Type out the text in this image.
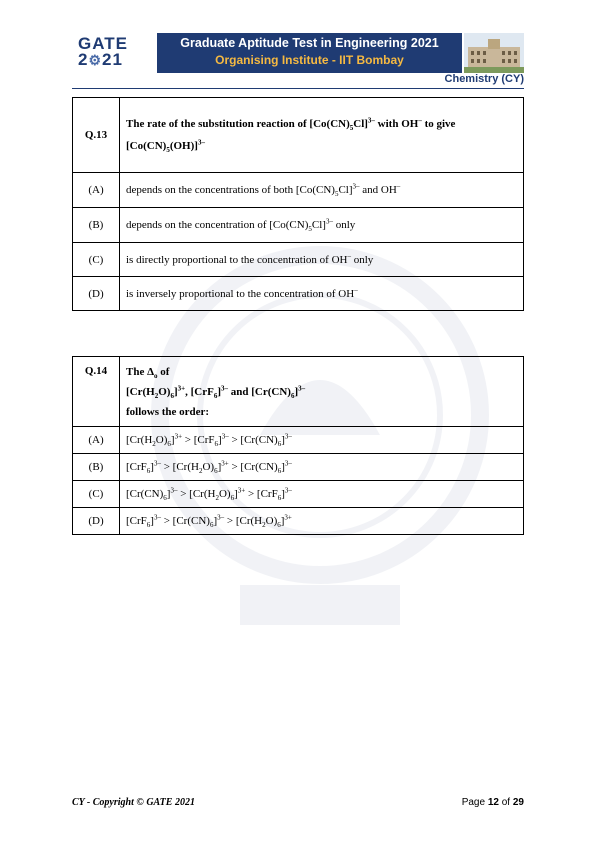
GATE
2⚙21
Graduate Aptitude Test in Engineering 2021
Organising Institute - IIT Bombay
Chemistry (CY)
Q.13	The rate of the substitution reaction of $[Co(CN)_5Cl]^{3-}$ with OH– to give
$[Co(CN)_5(OH)]^{3-}$
(A)	depends on the concentrations of both $[Co(CN)_5Cl]^{3-}$ and OH–
(B)	depends on the concentration of $[Co(CN)_5Cl]^{3-}$ only
(C)	is directly proportional to the concentration of OH– only
(D)	is inversely proportional to the concentration of OH–
Q.14	The $\Delta_o$ of
$[Cr(H_2O)_6]^{3+}$, $[CrF_6]^{3-}$ and $[Cr(CN)_6]^{3-}$
follows the order:
(A)	$[Cr(H_2O)_6]^{3+} > [CrF_6]^{3-} > [Cr(CN)_6]^{3-}$
(B)	$[CrF_6]^{3-} > [Cr(H_2O)_6]^{3+} > [Cr(CN)_6]^{3-}$
(C)	$[Cr(CN)_6]^{3-} > [Cr(H_2O)_6]^{3+} > [CrF_6]^{3-}$
(D)	$[CrF_6]^{3-} > [Cr(CN)_6]^{3-} > [Cr(H_2O)_6]^{3+}$
CY - Copyright © GATE 2021	Page 12 of 29
